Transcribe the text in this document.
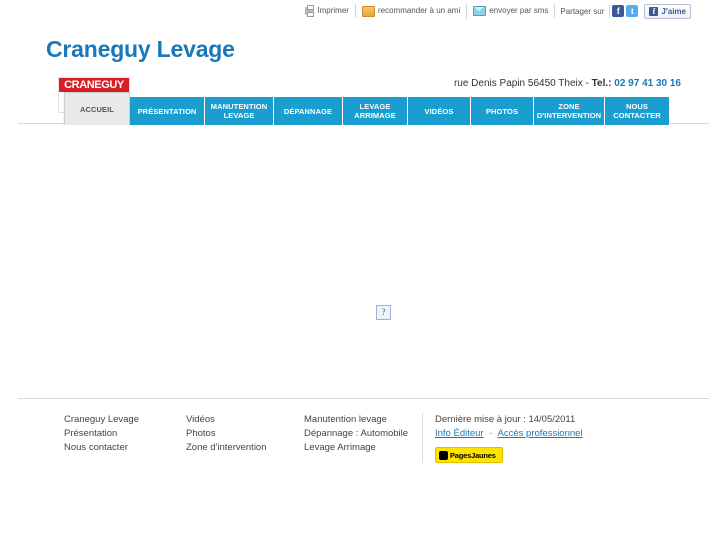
Imprimer	recommander à un ami	envoyer par sms	Partager sur	f	t	f J'aime
Craneguy Levage
rue Denis Papin 56450 Theix - Tel.: 02 97 41 30 16
CRANEGUY
ACCUEIL	PRÉSENTATION	MANUTENTION LEVAGE	DÉPANNAGE	LEVAGE ARRIMAGE	VIDÉOS	PHOTOS	ZONE D'INTERVENTION
NOUS CONTACTER
?
Craneguy Levage
Présentation
Nous contacter
Vidéos
Photos
Zone d'intervention
Manutention levage
Dépannage : Automobile
Levage Arrimage
Dernière mise à jour : 14/05/2011
Info Éditeur - Accès professionnel
PagesJaunes
